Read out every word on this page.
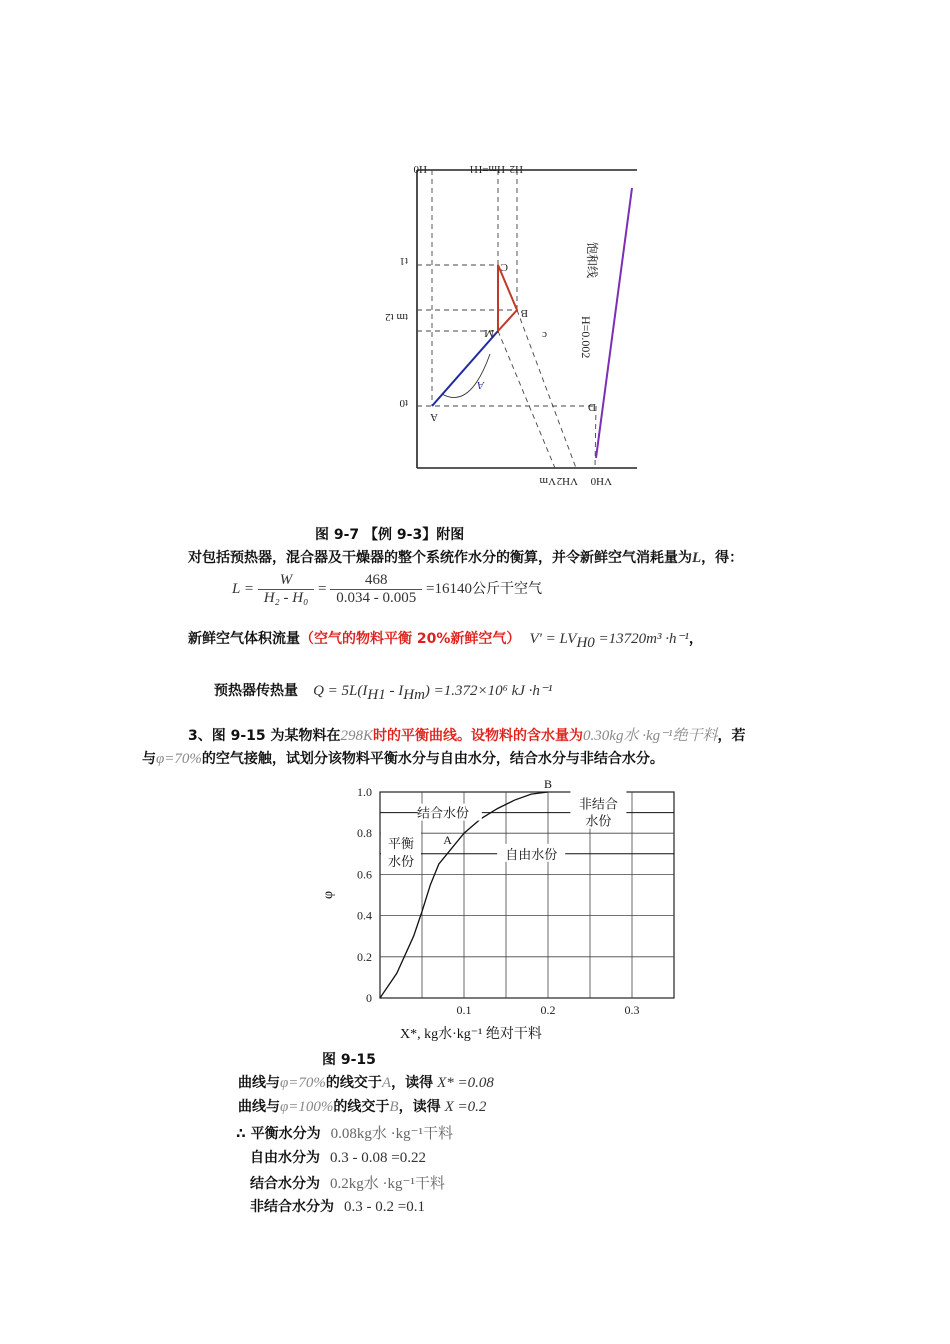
H0	Hm=H1 H2
t1
tm t2
t0
Vm VH2 VH0
C
B
M
A
D
c
A
H=0.002
饱和线
图 9-7 【例 9-3】附图
对包括预热器，混合器及干燥器的整个系统作水分的衡算，并令新鲜空气消耗量为L，得：
$L = \frac{W}{\text{H₂ - H₀}} = \frac{468}{0.034 - 0.005} =16140$公斤干空气
新鲜空气体积流量（空气的物料平衡 20%新鲜空气） $V' = LV_{H0} =13720m^3 \cdot h^{-1}$，
预热器传热量 $Q = 5L(I_{H1} - I_{Hm}) =1.372\times 10^6$ kJ ·h⁻¹
3、图 9-15 为某物料在298K时的平衡曲线。设物料的含水量为0.30kg水 ·kg⁻¹绝干料，若
与φ=70%的空气接触，试划分该物料平衡水分与自由水分，结合水分与非结合水分。
0
0.2
0.4
0.6
0.8
1.0
0.1	0.2	0.3
X*, kg水·kg⁻¹ 绝对干料
φ
结合水份
非结合
水份
平衡
水份	自由水份
A
B
图 9-15
曲线与φ=70%的线交于A，读得 X* =0.08
曲线与φ=100%的线交于B，读得 X =0.2
∴ 平衡水分为 0.08kg水 ·kg⁻¹干料
自由水分为 0.3 - 0.08 =0.22
结合水分为 0.2kg水 ·kg⁻¹干料
非结合水分为 0.3 - 0.2 =0.1
